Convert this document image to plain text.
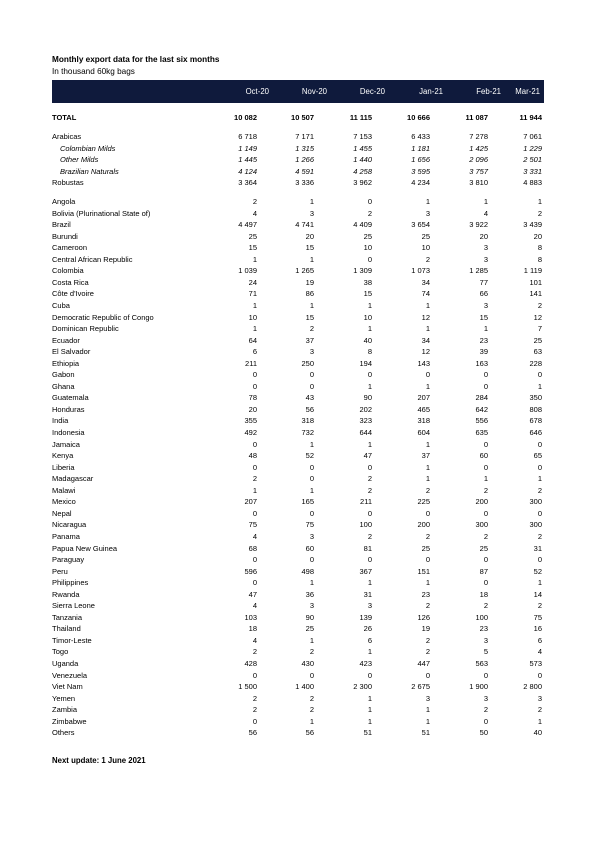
Monthly export data for the last six months
In thousand 60kg bags
Oct-20	Nov-20	Dec-20	Jan-21	Feb-21	Mar-21
TOTAL	10 082	10 507	11 115	10 666	11 087	11 944
Arabicas	6 718	7 171	7 153	6 433	7 278	7 061
Colombian Milds	1 149	1 315	1 455	1 181	1 425	1 229
Other Milds	1 445	1 266	1 440	1 656	2 096	2 501
Brazilian Naturals	4 124	4 591	4 258	3 595	3 757	3 331
Robustas	3 364	3 336	3 962	4 234	3 810	4 883
Angola	2	1	0	1	1	1
Bolivia (Plurinational State of)	4	3	2	3	4	2
Brazil	4 497	4 741	4 409	3 654	3 922	3 439
Burundi	25	20	25	25	20	20
Cameroon	15	15	10	10	3	8
Central African Republic	1	1	0	2	3	8
Colombia	1 039	1 265	1 309	1 073	1 285	1 119
Costa Rica	24	19	38	34	77	101
Côte d'Ivoire	71	86	15	74	66	141
Cuba	1	1	1	1	3	2
Democratic Republic of Congo	10	15	10	12	15	12
Dominican Republic	1	2	1	1	1	7
Ecuador	64	37	40	34	23	25
El Salvador	6	3	8	12	39	63
Ethiopia	211	250	194	143	163	228
Gabon	0	0	0	0	0	0
Ghana	0	0	1	1	0	1
Guatemala	78	43	90	207	284	350
Honduras	20	56	202	465	642	808
India	355	318	323	318	556	678
Indonesia	492	732	644	604	635	646
Jamaica	0	1	1	1	0	0
Kenya	48	52	47	37	60	65
Liberia	0	0	0	1	0	0
Madagascar	2	0	2	1	1	1
Malawi	1	1	2	2	2	2
Mexico	207	165	211	225	200	300
Nepal	0	0	0	0	0	0
Nicaragua	75	75	100	200	300	300
Panama	4	3	2	2	2	2
Papua New Guinea	68	60	81	25	25	31
Paraguay	0	0	0	0	0	0
Peru	596	498	367	151	87	52
Philippines	0	1	1	1	0	1
Rwanda	47	36	31	23	18	14
Sierra Leone	4	3	3	2	2	2
Tanzania	103	90	139	126	100	75
Thailand	18	25	26	19	23	16
Timor-Leste	4	1	6	2	3	6
Togo	2	2	1	2	5	4
Uganda	428	430	423	447	563	573
Venezuela	0	0	0	0	0	0
Viet Nam	1 500	1 400	2 300	2 675	1 900	2 800
Yemen	2	2	1	3	3	3
Zambia	2	2	1	1	2	2
Zimbabwe	0	1	1	1	0	1
Others	56	56	51	51	50	40
Next update: 1 June 2021
